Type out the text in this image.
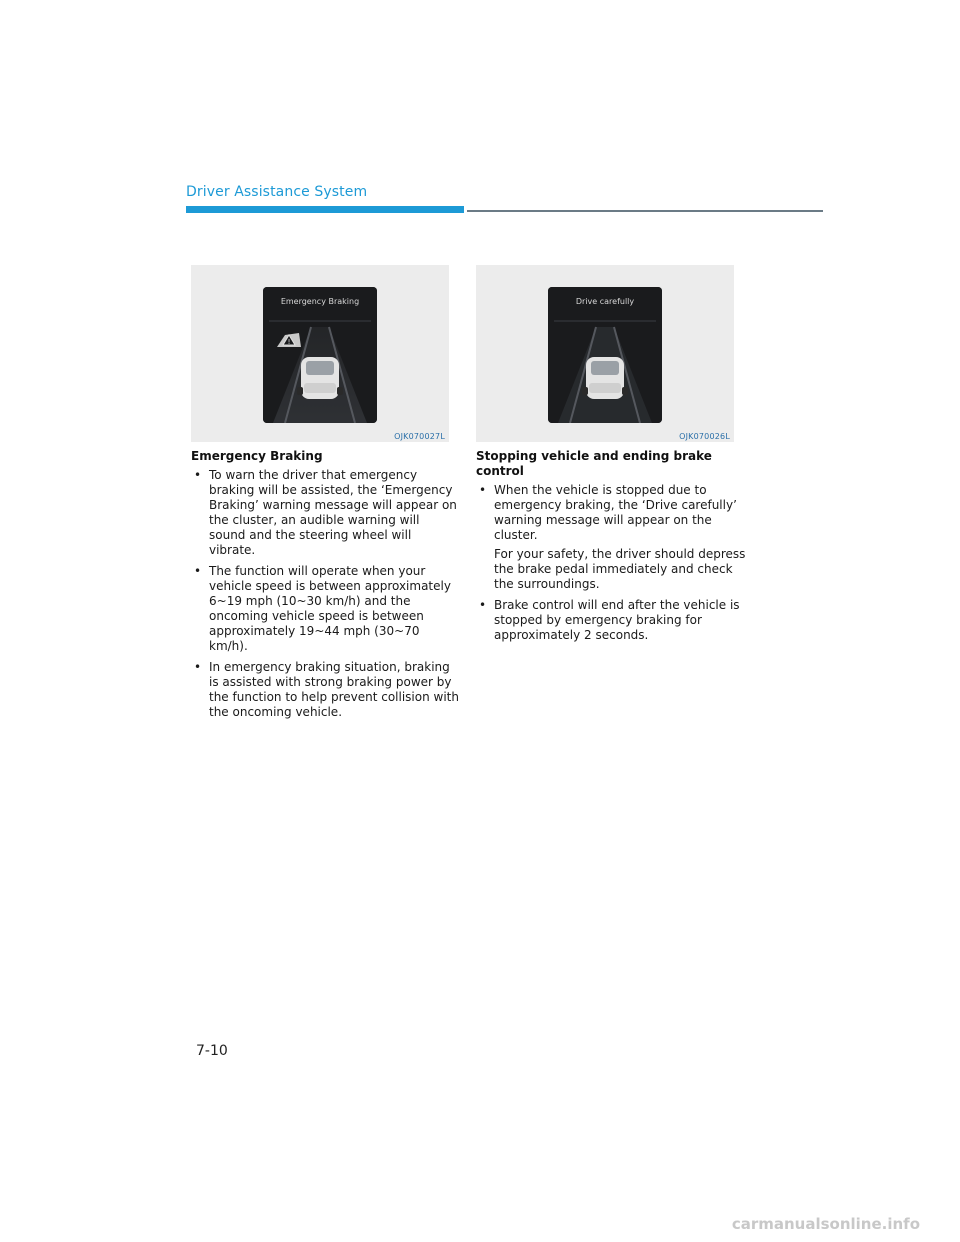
Driver Assistance System
!
Emergency Braking
OJK070027L
Drive carefully
OJK070026L
Emergency Braking
• To warn the driver that emergency braking will be assisted, the ‘Emergency Braking’ warning message will appear on the cluster, an audible warning will sound and the steering wheel will vibrate.
• The function will operate when your vehicle speed is between approximately 6~19 mph (10~30 km/h) and the oncoming vehicle speed is between approximately 19~44 mph (30~70 km/h).
• In emergency braking situation, braking is assisted with strong braking power by the function to help prevent collision with the oncoming vehicle.
Stopping vehicle and ending brake control
• When the vehicle is stopped due to emergency braking, the ‘Drive carefully’ warning message will appear on the cluster.
For your safety, the driver should depress the brake pedal immediately and check the surroundings.
• Brake control will end after the vehicle is stopped by emergency braking for approximately 2 seconds.
7-10
carmanualsonline.info
